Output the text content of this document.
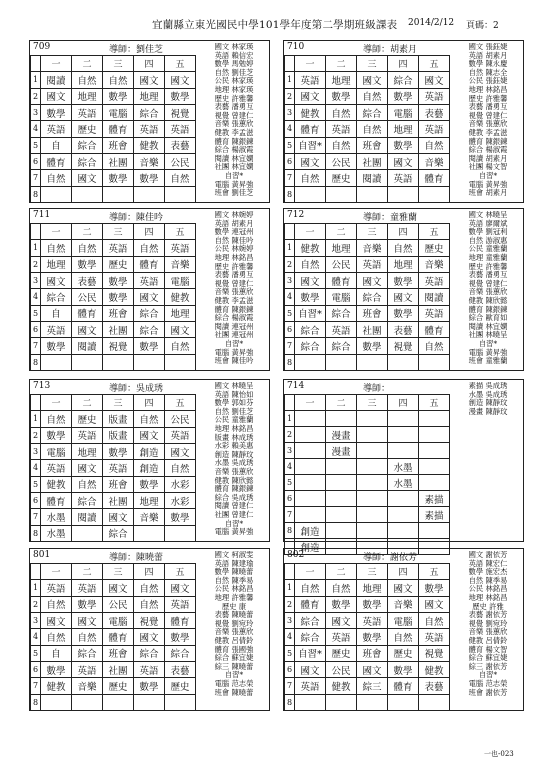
宜蘭縣立東光國民中學101學年度第二學期班級課表 2014/2/12 頁碼：2
709	導師：劉佳芝
	一	二	三	四	五
1	閱讀	自然	自然	國文	國文
2	國文	地理	數學	地理	數學
3	數學	英語	電腦	綜合	視覺
4	英語	歷史	體育	英語	英語
5	自	綜合	班會	健教	表藝
6	體育	綜合	社團	音樂	公民
7	自然	國文	數學	數學	自然
8					
國文 林家瑛
英語 賴信宏
數學 馬勉婷
自然 劉佳芝
公民 林家瑛
地理 林家瑛
歷史 許雅馨
表藝 潘勇互
視覺 曾建仁
音樂 張蕙欣
健教 李孟滋
體育 陳銀鍊
綜合 楊淑霞
閱讀 林宜嫻
社團 林宜嫻
自習*
電腦 黃昇強
班會 劉佳芝
710	導師：胡素月
	一	二	三	四	五
1	英語	地理	國文	綜合	國文
2	國文	數學	自然	數學	英語
3	健教	自然	綜合	電腦	表藝
4	體育	英語	自然	地理	英語
5	自習*	自然	班會	數學	自然
6	國文	公民	社團	國文	音樂
7	自然	歷史	閱讀	英語	體育
8					
國文 張鈺婕
英語 胡素月
數學 陳永慶
自然 陳志全
公民 張鈺婕
地理 林銘昌
歷史 許雅馨
表藝 潘勇互
視覺 曾建仁
音樂 張蕙欣
健教 李孟滋
體育 陳銀鍊
綜合 楊淑霞
閱讀 胡素月
社團 楊文智
自習*
電腦 黃昇強
班會 胡素月
711	導師：陳佳吟
	一	二	三	四	五
1	自然	自然	英語	自然	英語
2	地理	數學	歷史	體育	音樂
3	國文	表藝	數學	英語	電腦
4	綜合	公民	數學	國文	健教
5	自	體育	班會	綜合	地理
6	英語	國文	社團	綜合	國文
7	數學	閱讀	視覺	數學	自然
8					
國文 林婉婷
英語 胡素月
數學 連冠州
自然 陳佳吟
公民 林婉婷
地理 林銘昌
歷史 許雅馨
表藝 潘勇互
視覺 曾建仁
音樂 張蕙欣
健教 李孟滋
體育 陳銀鍊
綜合 楊淑霞
閱讀 連冠州
社團 連冠州
自習*
電腦 黃昇強
班會 陳佳吟
712	導師：童雅蘭
	一	二	三	四	五
1	健教	地理	音樂	自然	歷史
2	自然	公民	英語	地理	音樂
3	國文	體育	國文	數學	英語
4	數學	電腦	綜合	國文	閱讀
5	自習*	綜合	班會	數學	英語
6	綜合	英語	社團	表藝	體育
7	綜合	綜合	數學	視覺	自然
8					
國文 林曉呈
英語 廖爾斌
數學 劉冠利
自然 游淑惠
公民 童雅蘭
地理 童雅蘭
歷史 許雅馨
表藝 潘勇互
視覺 曾建仁
音樂 張蕙欣
健教 陳欣懿
體育 陳銀鍊
綜合 歐育如
閱讀 林宜嫻
社團 林曉呈
自習*
電腦 黃昇強
班會 童雅蘭
713	導師：吳成琇
	一	二	三	四	五
1	自然	歷史	版畫	自然	公民
2	數學	英語	版畫	國文	英語
3	電腦	地理	數學	創造	國文
4	英語	國文	英語	創造	自然
5	健教	自然	班會	數學	水彩
6	體育	綜合	社團	地理	水彩
7	水墨	閱讀	國文	音樂	數學
8	水墨		綜合		
國文 林曉呈
英語 陳怡如
數學 郭如芬
自然 劉佳芝
公民 童雅蘭
地理 林銘昌
版畫 林成琇
水彩 賴美惠
創造 陳靜玟
水墨 吳成琇
音樂 張蕙欣
健教 陳欣懿
體育 陳銀鍊
綜合 吳成琇
閱讀 曾建仁
社團 曾建仁
自習*
電腦 黃昇強
714	導師：
	一	二	三	四	五
1					
2		漫畫			
3		漫畫			
4				水墨	
5				水墨	
6					素描
7					素描
8	創造				
	創造				
素描 吳成琇
水墨 吳成琇
創造 陳靜玟
漫畫 陳靜玟
801	導師：陳曉蕾
	一	二	三	四	五
1	英語	英語	國文	自然	國文
2	自然	數學	公民	自然	英語
3	國文	國文	電腦	視覺	體育
4	自然	自然	體育	國文	數學
5	自	綜合	班會	綜合	綜合
6	數學	英語	社團	英語	表藝
7	健教	音樂	歷史	數學	歷史
8					
國文 柯淑雯
英語 陳建瑜
數學 陳曉蕾
自然 陳季易
公民 林銘昌
地理 許雅馨
歷史 康
表藝 陳曉蕾
視覺 劉宛玲
音樂 張蕙欣
健教 呂倩鈴
體育 張國強
綜合 蘇宜婕
綜三 陳曉蕾
自習*
電腦 范志榮
班會 陳曉蕾
802	導師：謝依芳
	一	二	三	四	五
1	自然	自然	地理	國文	數學
2	體育	數學	數學	音樂	國文
3	綜合	國文	英語	電腦	自然
4	綜合	英語	數學	自然	英語
5	自習*	歷史	班會	歷史	視覺
6	國文	公民	國文	數學	健教
7	英語	健教	綜三	體育	表藝
8					
國文 謝依芳
英語 陳宏仁
數學 施宏杰
自然 陳季易
公民 林銘昌
地理 林銘昌
歷史 許雅
表藝 謝依芳
視覺 劉宛玲
音樂 張蕙欣
健教 呂倩鈴
體育 楊文智
綜合 蘇宜婕
綜三 謝依芳
自習*
電腦 范志榮
班會 謝依芳
一也-023
